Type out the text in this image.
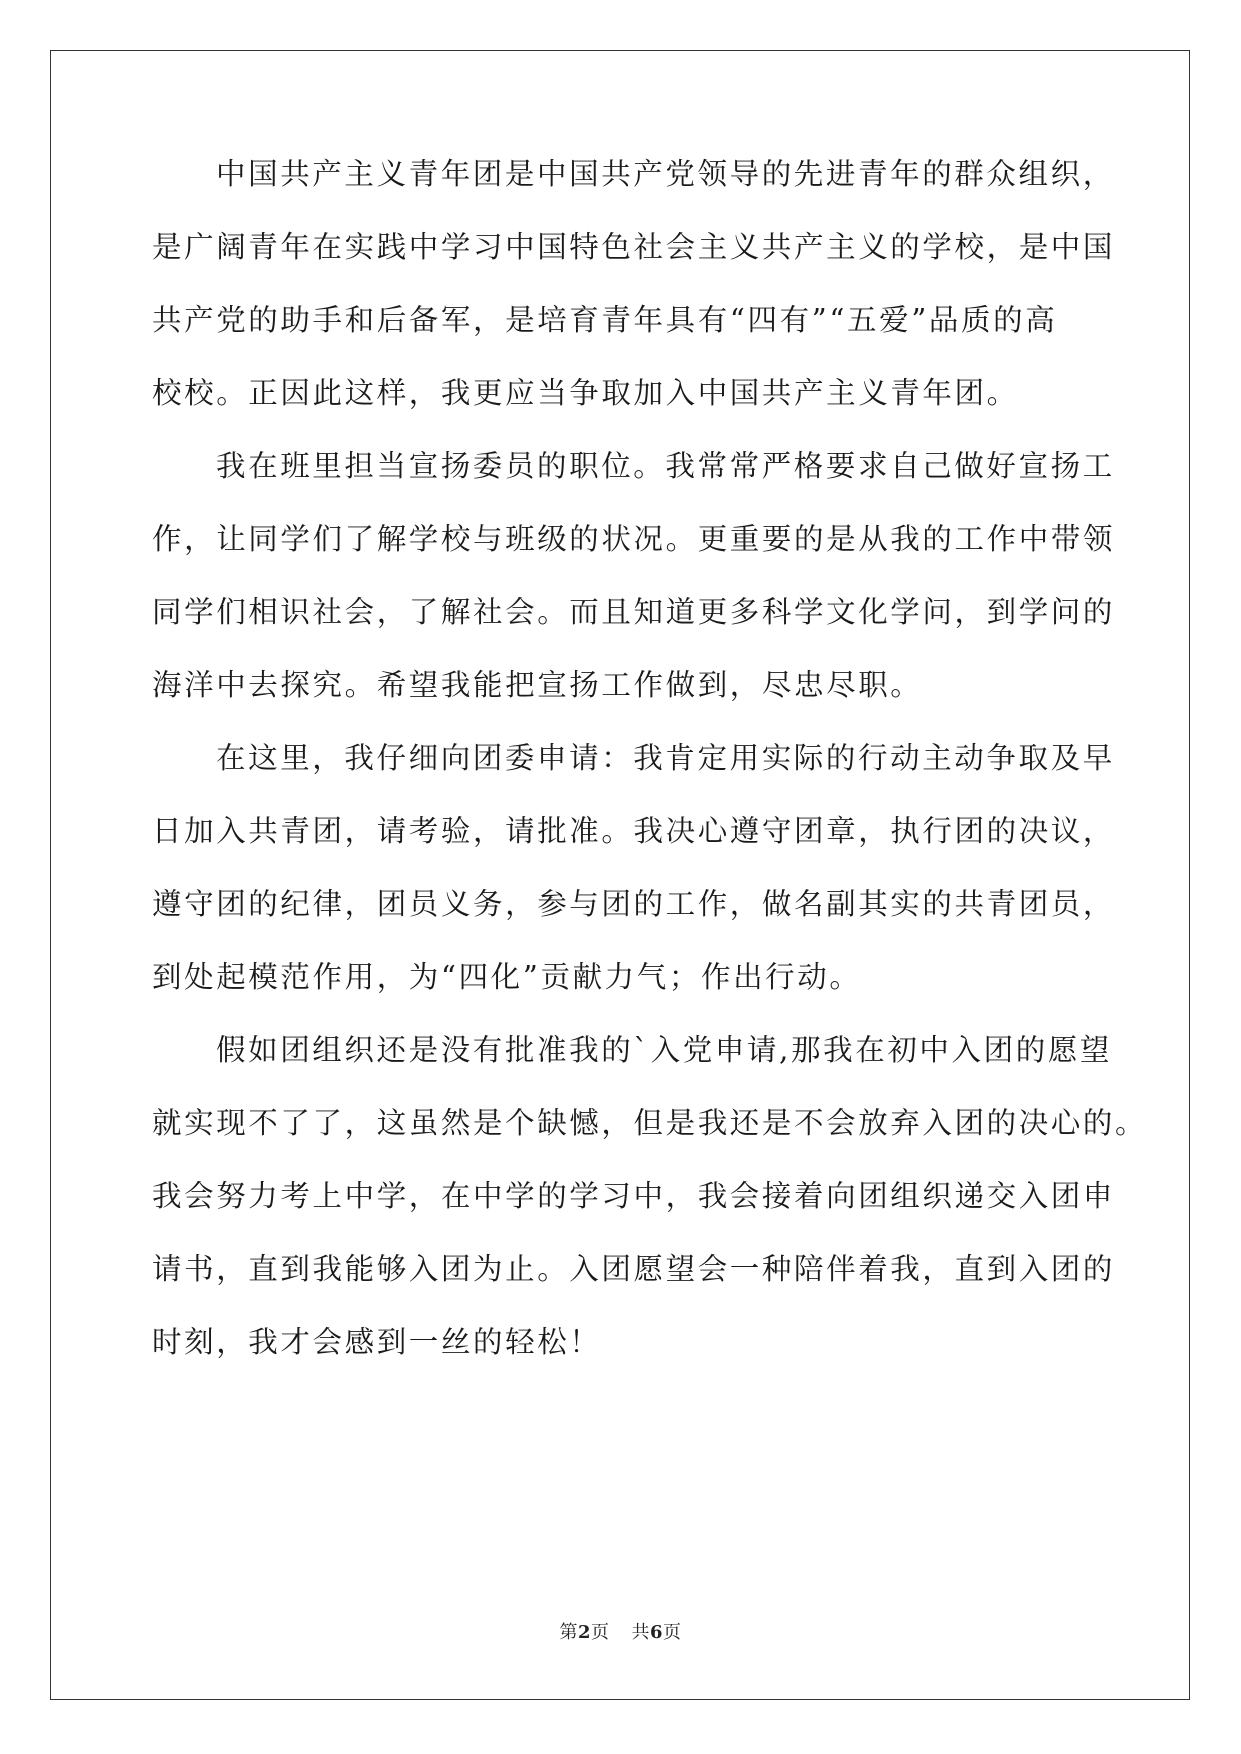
中国共产主义青年团是中国共产党领导的先进青年的群众组织，
是广阔青年在实践中学习中国特色社会主义共产主义的学校，是中国
共产党的助手和后备军，是培育青年具有“四有”“五爱”品质的高
校校。正因此这样，我更应当争取加入中国共产主义青年团。
我在班里担当宣扬委员的职位。我常常严格要求自己做好宣扬工
作，让同学们了解学校与班级的状况。更重要的是从我的工作中带领
同学们相识社会，了解社会。而且知道更多科学文化学问，到学问的
海洋中去探究。希望我能把宣扬工作做到，尽忠尽职。
在这里，我仔细向团委申请：我肯定用实际的行动主动争取及早
日加入共青团，请考验，请批准。我决心遵守团章，执行团的决议，
遵守团的纪律，团员义务，参与团的工作，做名副其实的共青团员，
到处起模范作用，为“四化”贡献力气；作出行动。
假如团组织还是没有批准我的`入党申请,那我在初中入团的愿望
就实现不了了，这虽然是个缺憾，但是我还是不会放弃入团的决心的。
我会努力考上中学，在中学的学习中，我会接着向团组织递交入团申
请书，直到我能够入团为止。入团愿望会一种陪伴着我，直到入团的
时刻，我才会感到一丝的轻松！
第2页 共6页
